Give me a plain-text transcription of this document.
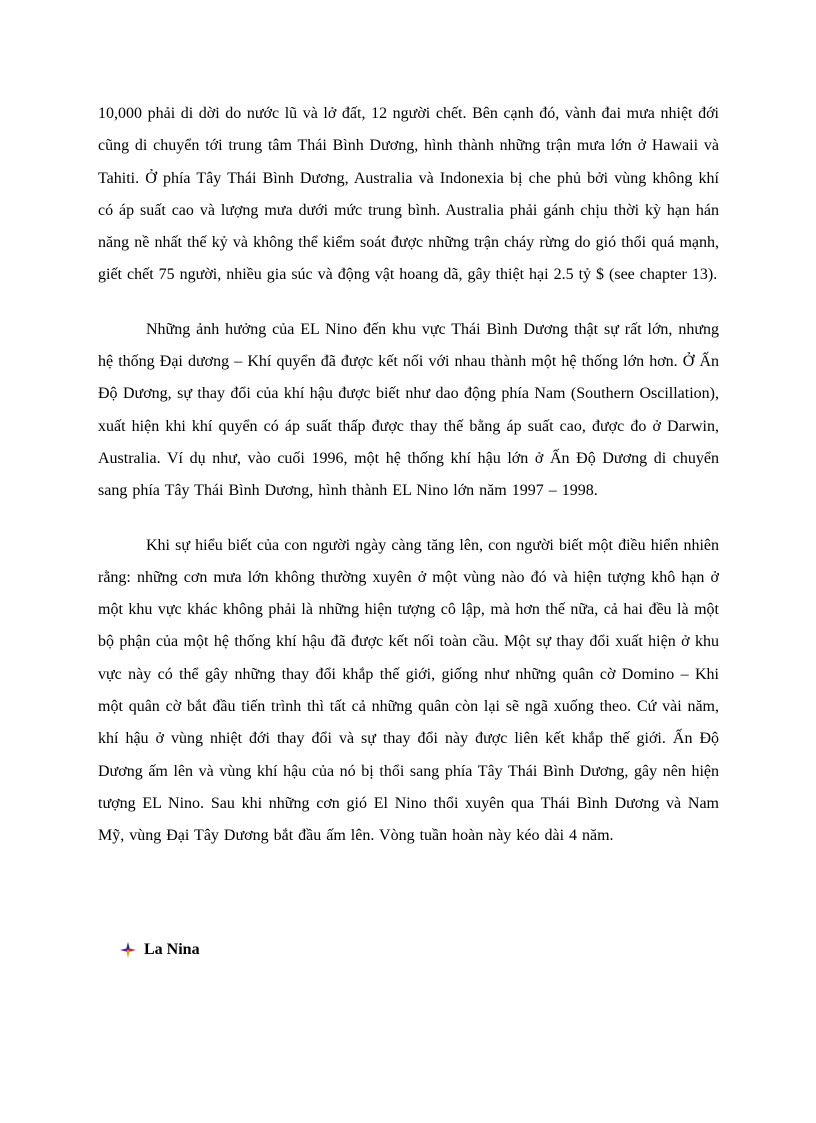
10,000 phải di dời do nước lũ và lở đất, 12 người chết. Bên cạnh đó, vành đai mưa nhiệt đới cũng di chuyển tới trung tâm Thái Bình Dương, hình thành những trận mưa lớn ở Hawaii và Tahiti. Ở phía Tây Thái Bình Dương, Australia và Indonexia bị che phủ bởi vùng không khí có áp suất cao và lượng mưa dưới mức trung bình. Australia phải gánh chịu thời kỳ hạn hán năng nề nhất thế kỷ và không thể kiểm soát được những trận cháy rừng do gió thổi quá mạnh, giết chết 75 người, nhiều gia súc và động vật hoang dã, gây thiệt hại 2.5 tỷ $ (see chapter 13).

Những ảnh hưởng của EL Nino đến khu vực Thái Bình Dương thật sự rất lớn, nhưng hệ thống Đại dương – Khí quyển đã được kết nối với nhau thành một hệ thống lớn hơn. Ở Ấn Độ Dương, sự thay đổi của khí hậu được biết như dao động phía Nam (Southern Oscillation), xuất hiện khi khí quyển có áp suất thấp được thay thế bằng áp suất cao, được đo ở Darwin, Australia. Ví dụ như, vào cuối 1996, một hệ thống khí hậu lớn ở Ấn Độ Dương di chuyển sang phía Tây Thái Bình Dương, hình thành EL Nino lớn năm 1997 – 1998.

Khi sự hiểu biết của con người ngày càng tăng lên, con người biết một điều hiển nhiên rằng: những cơn mưa lớn không thường xuyên ở một vùng nào đó và hiện tượng khô hạn ở một khu vực khác không phải là những hiện tượng cô lập, mà hơn thế nữa, cả hai đều là một bộ phận của một hệ thống khí hậu đã được kết nối toàn cầu. Một sự thay đổi xuất hiện ở khu vực này có thể gây những thay đổi khắp thế giới, giống như những quân cờ Domino – Khi một quân cờ bắt đầu tiến trình thì tất cả những quân còn lại sẽ ngã xuống theo. Cứ vài năm, khí hậu ở vùng nhiệt đới thay đổi và sự thay đổi này được liên kết khắp thế giới. Ấn Độ Dương ấm lên và vùng khí hậu của nó bị thổi sang phía Tây Thái Bình Dương, gây nên hiện tượng EL Nino. Sau khi những cơn gió El Nino thổi xuyên qua Thái Bình Dương và Nam Mỹ, vùng Đại Tây Dương bắt đầu ấm lên. Vòng tuần hoàn này kéo dài 4 năm.

La Nina
